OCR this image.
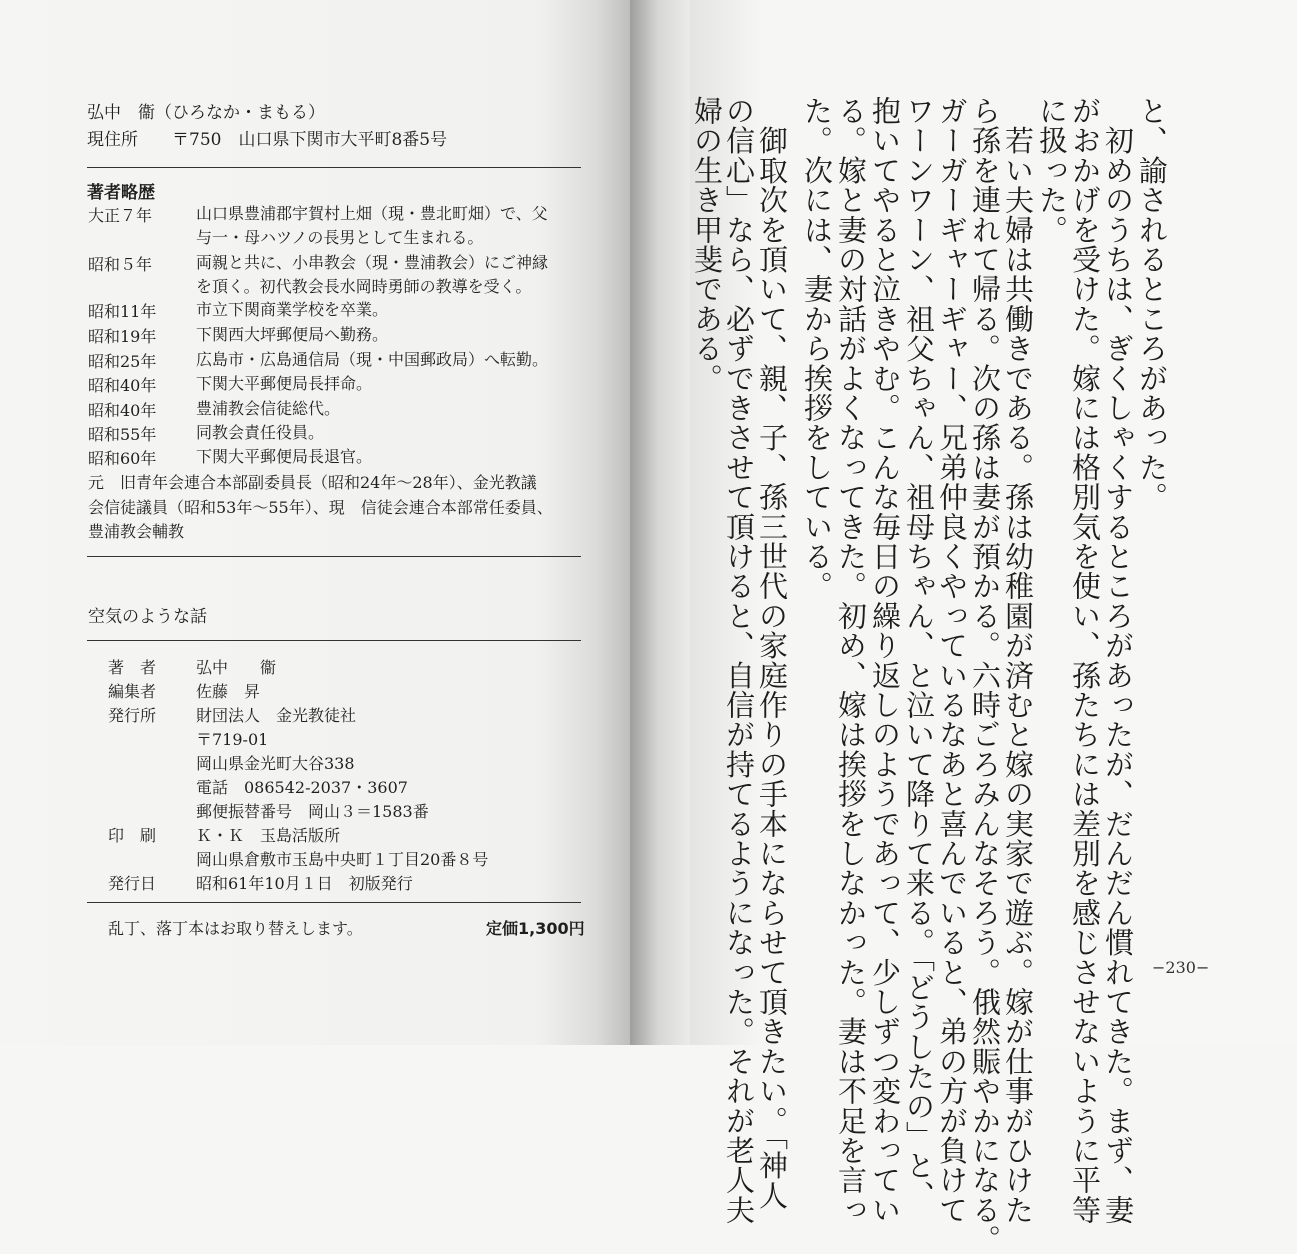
弘中　衞（ひろなか・まもる）
現住所 〒750　山口県下関市大平町8番5号
著者略歴
大正７年	山口県豊浦郡宇賀村上畑（現・豊北町畑）で、父
与一・母ハツノの長男として生まれる。
昭和５年	両親と共に、小串教会（現・豊浦教会）にご神縁
を頂く。初代教会長水岡時勇師の教導を受く。
昭和11年 市立下関商業学校を卒業。
昭和19年 下関西大坪郵便局へ勤務。
昭和25年 広島市・広島通信局（現・中国郵政局）へ転勤。
昭和40年 下関大平郵便局長拝命。
昭和40年 豊浦教会信徒総代。
昭和55年 同教会責任役員。
昭和60年 下関大平郵便局長退官。
元　旧青年会連合本部副委員長（昭和24年～28年）、金光教議
会信徒議員（昭和53年～55年）、現　信徒会連合本部常任委員、
豊浦教会輔教
空気のような話
著　者 弘中　　衞
編集者 佐藤　昇
発行所 財団法人　金光教徒社
〒719-01
岡山県金光町大谷338
電話　086542-2037・3607
郵便振替番号　岡山３＝1583番
印　刷 Ｋ・Ｋ　玉島活版所
岡山県倉敷市玉島中央町１丁目20番８号
発行日 昭和61年10月１日　初版発行
乱丁、落丁本はお取り替えします。	定価1,300円

婦の生き甲斐である。
の信心」なら、必ずできさせて頂けると、自信が持てるようになった。それが老人夫 　御取次を頂いて、親、子、孫三世代の家庭作りの手本にならせて頂きたい。「神人 た。次には、妻から挨拶をしている。 る。嫁と妻の対話がよくなってきた。初め、嫁は挨拶をしなかった。妻は不足を言っ 抱いてやると泣きやむ。こんな毎日の繰り返しのようであって、少しずつ変わってい ワーンワーン、祖父ちゃん、祖母ちゃん、と泣いて降りて来る。「どうしたの」と、 ガーガーギャーギャー、兄弟仲良くやっているなあと喜んでいると、弟の方が負けて ら孫を連れて帰る。次の孫は妻が預かる。六時ごろみんなそろう。俄然賑やかになる。 　若い夫婦は共働きである。孫は幼稚園が済むと嫁の実家で遊ぶ。嫁が仕事がひけた に扱った。 がおかげを受けた。嫁には格別気を使い、孫たちには差別を感じさせないように平等 　初めのうちは、ぎくしゃくするところがあったが、だんだん慣れてきた。まず、妻 と、諭されるところがあった。
−230−
